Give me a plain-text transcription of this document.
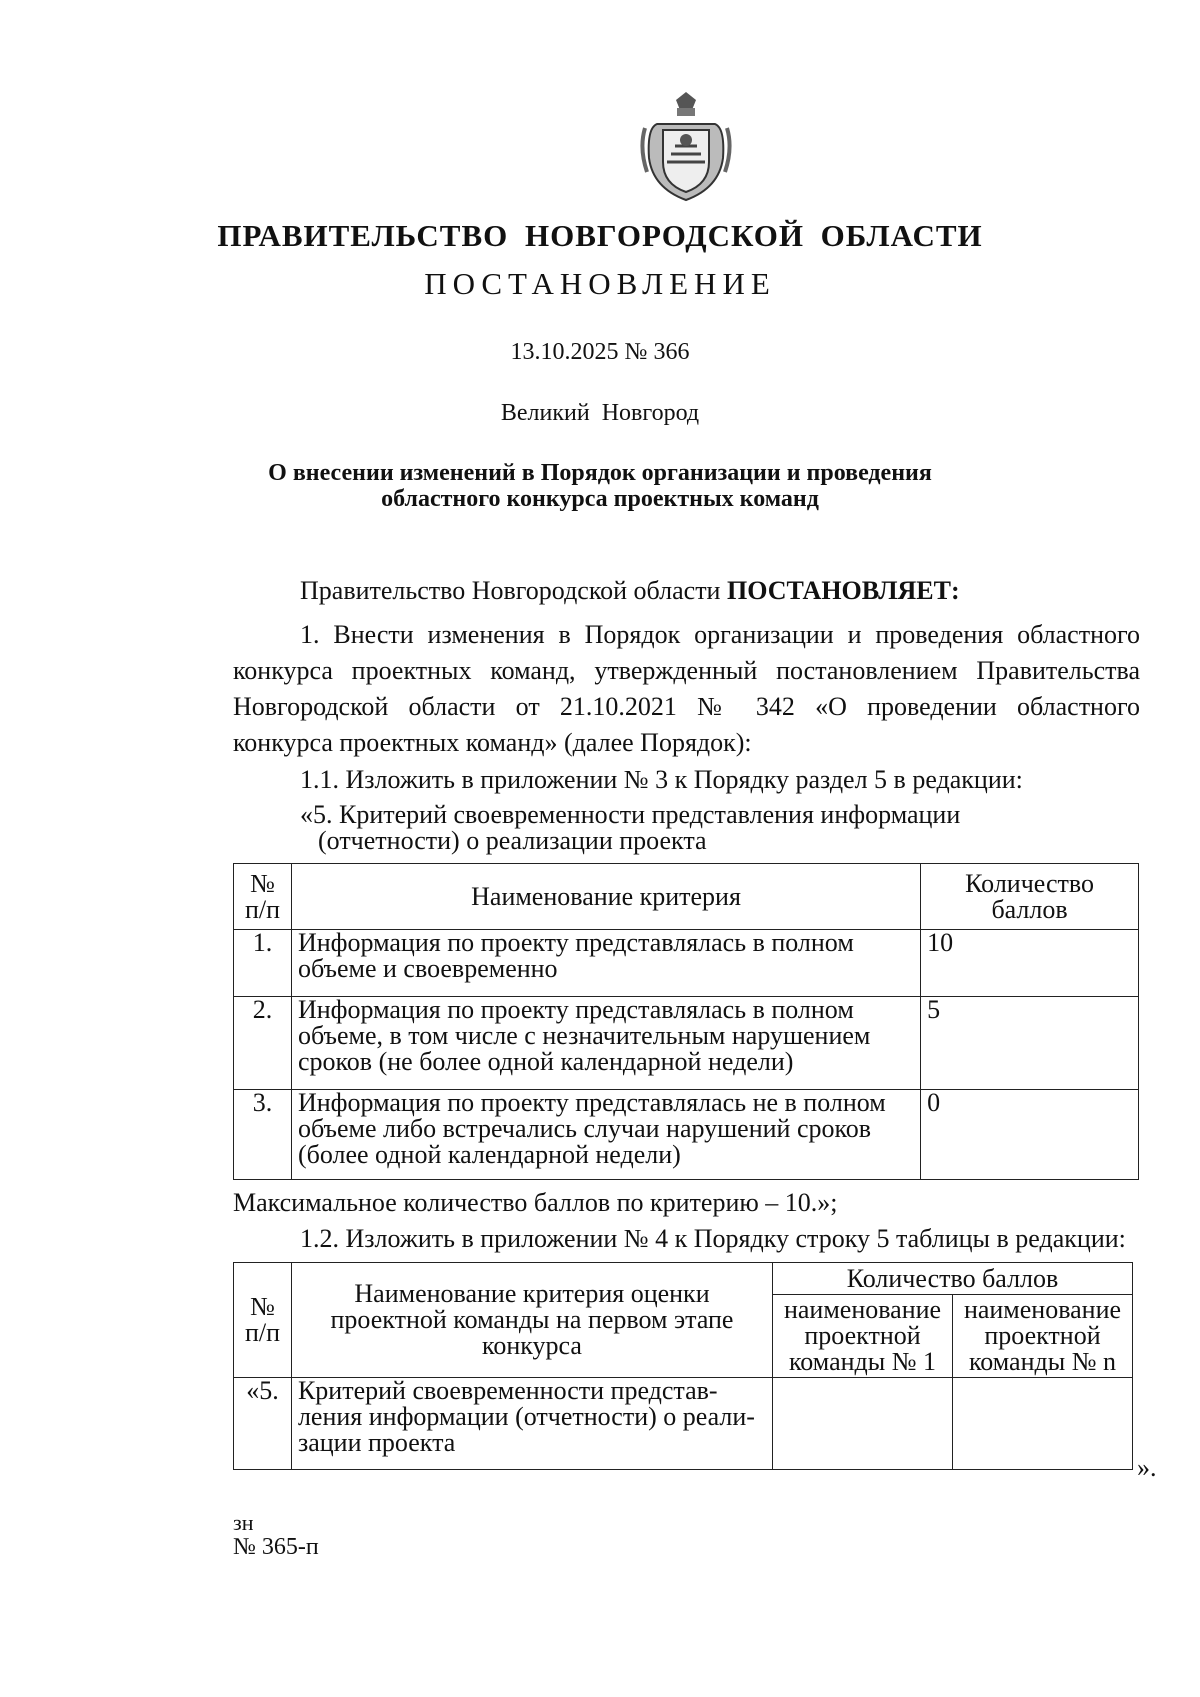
ПРАВИТЕЛЬСТВО НОВГОРОДСКОЙ ОБЛАСТИ
ПОСТАНОВЛЕНИЕ
13.10.2025 № 366
Великий Новгород
О внесении изменений в Порядок организации и проведения
областного конкурса проектных команд
Правительство Новгородской области ПОСТАНОВЛЯЕТ:
1. Внести изменения в Порядок организации и проведения областного
конкурса проектных команд, утвержденный постановлением Правительства
Новгородской области от 21.10.2021 № 342 «О проведении областного
конкурса проектных команд» (далее Порядок):
1.1. Изложить в приложении № 3 к Порядку раздел 5 в редакции:
«5. Критерий своевременности представления информации
(отчетности) о реализации проекта
№ п/п	Наименование критерия	Количество баллов
1.	Информация по проекту представлялась в полном объеме и своевременно	10
2.	Информация по проекту представлялась в полном объеме, в том числе с незначительным нарушением сроков (не более одной календарной недели)	5
3.	Информация по проекту представлялась не в полном объеме либо встречались случаи нарушений сроков (более одной календарной недели)	0
Максимальное количество баллов по критерию – 10.»;
1.2. Изложить в приложении № 4 к Порядку строку 5 таблицы в редакции:
№ п/п	Наименование критерия оценки проектной команды на первом этапе конкурса	Количество баллов	
		наименование проектной команды № 1	наименование проектной команды № n
«5.	Критерий своевременности представ-ления информации (отчетности) о реали-зации проекта		
».
зн
№ 365-п
